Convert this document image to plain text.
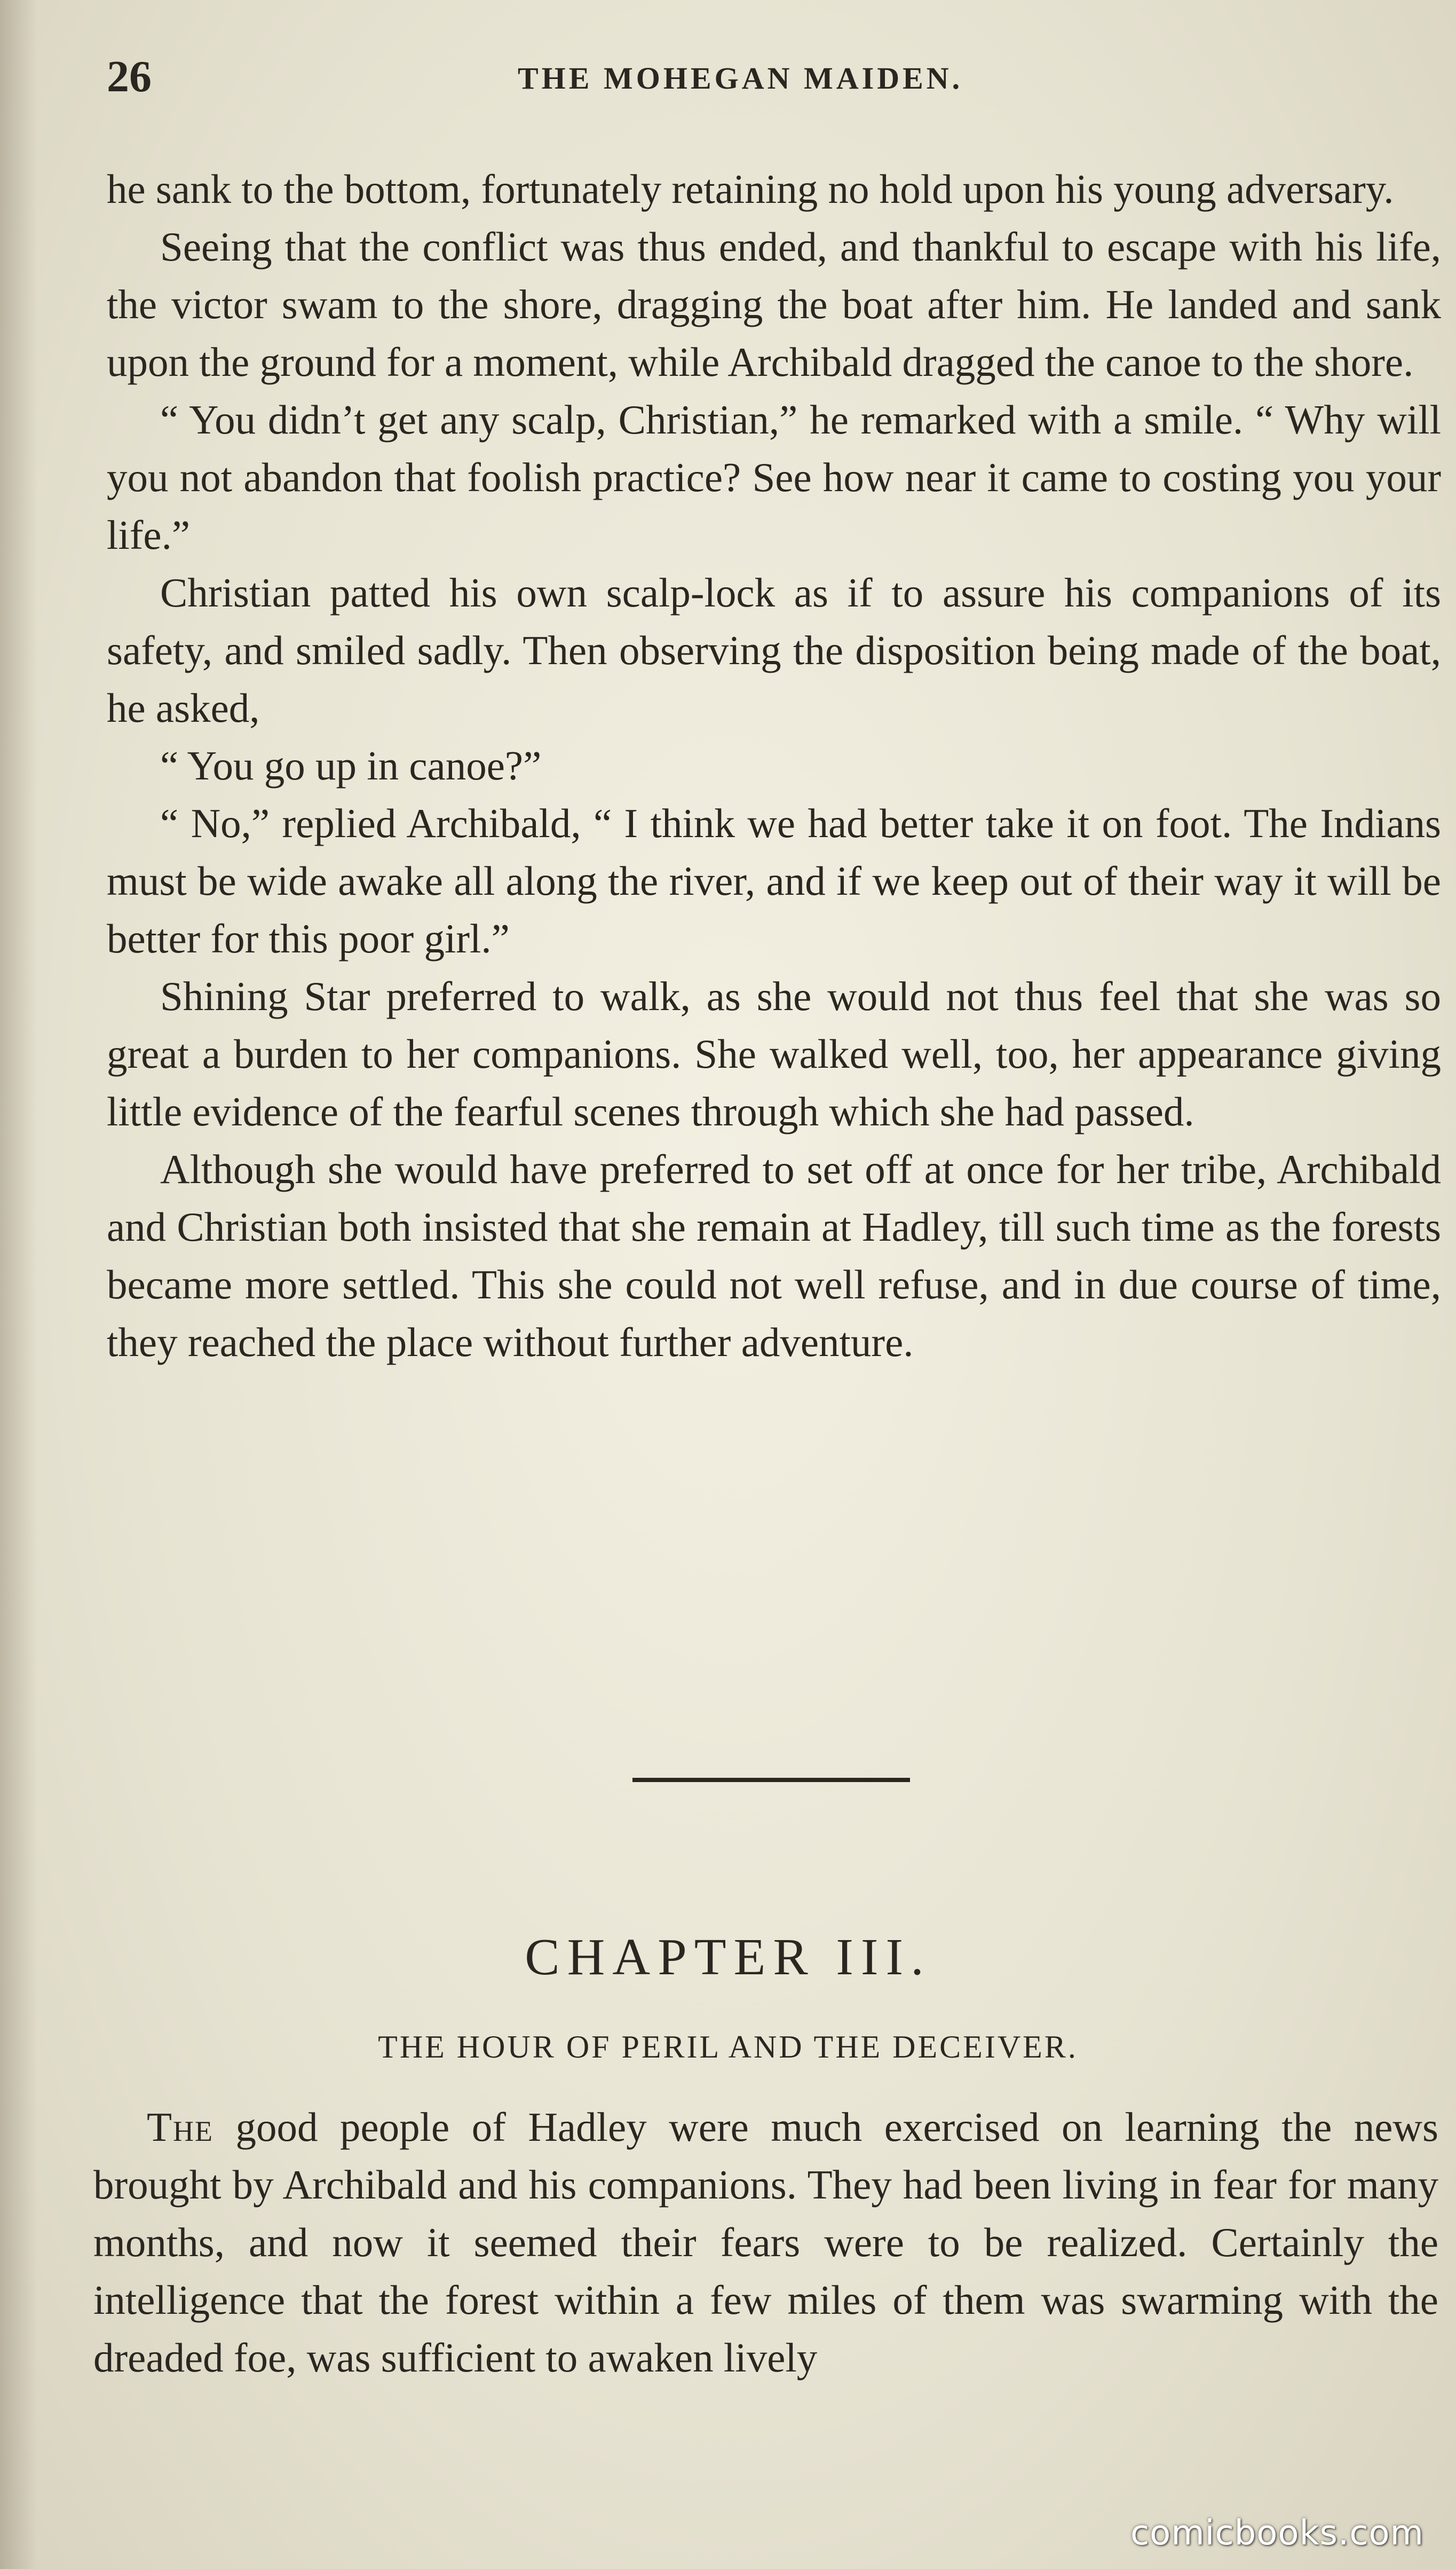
26	THE MOHEGAN MAIDEN.

he sank to the bottom, fortunately retaining no hold upon his young adversary.

Seeing that the conflict was thus ended, and thankful to escape with his life, the victor swam to the shore, dragging the boat after him. He landed and sank upon the ground for a moment, while Archibald dragged the canoe to the shore.

“ You didn’t get any scalp, Christian,” he remarked with a smile. “ Why will you not abandon that foolish practice? See how near it came to costing you your life.”

Christian patted his own scalp-lock as if to assure his companions of its safety, and smiled sadly. Then observing the disposition being made of the boat, he asked,

“ You go up in canoe?”

“ No,” replied Archibald, “ I think we had better take it on foot. The Indians must be wide awake all along the river, and if we keep out of their way it will be better for this poor girl.”

Shining Star preferred to walk, as she would not thus feel that she was so great a burden to her companions. She walked well, too, her appearance giving little evidence of the fearful scenes through which she had passed.

Although she would have preferred to set off at once for her tribe, Archibald and Christian both insisted that she remain at Hadley, till such time as the forests became more settled. This she could not well refuse, and in due course of time, they reached the place without further adventure.

CHAPTER III.
THE HOUR OF PERIL AND THE DECEIVER.

The good people of Hadley were much exercised on learning the news brought by Archibald and his companions. They had been living in fear for many months, and now it seemed their fears were to be realized. Certainly the intelligence that the forest within a few miles of them was swarming with the dreaded foe, was sufficient to awaken lively

comicbooks.com
